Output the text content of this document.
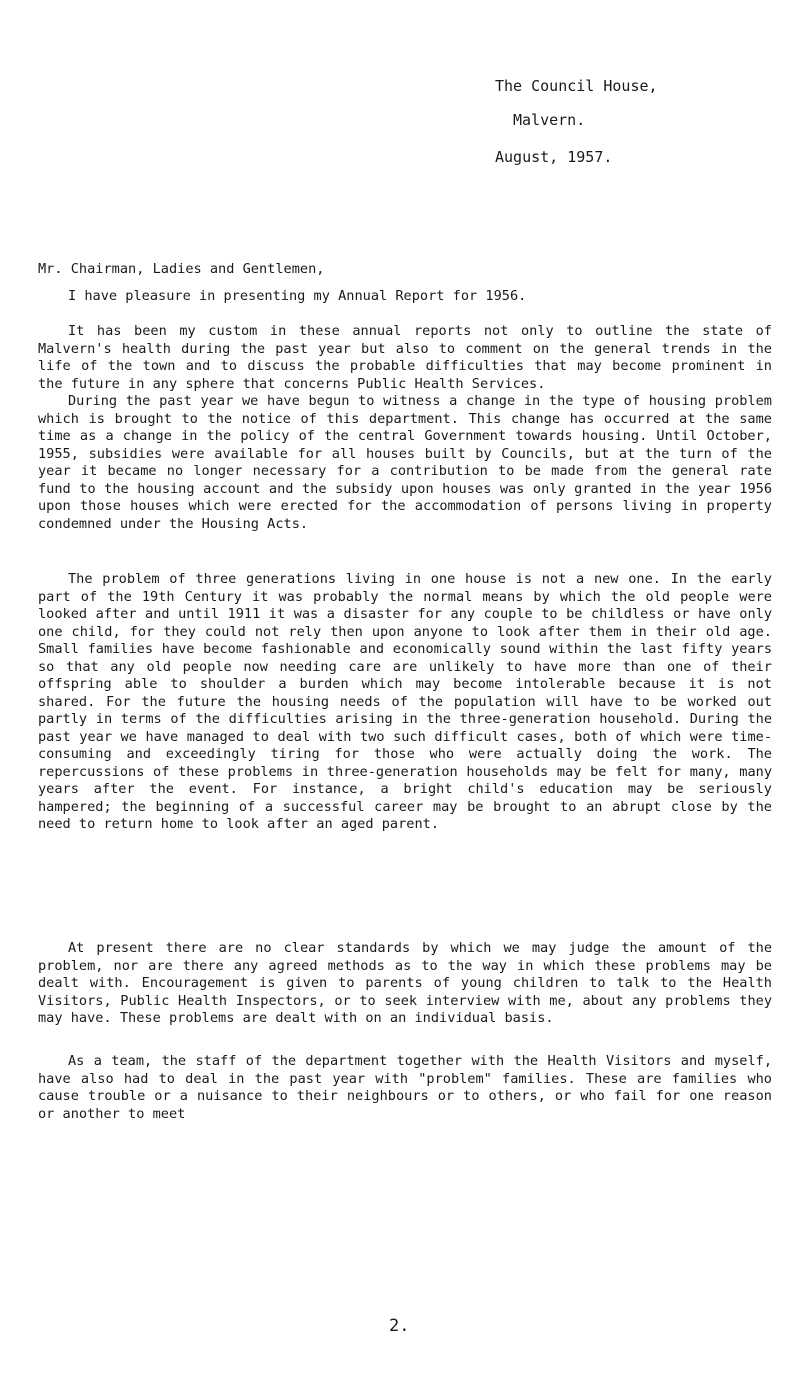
The Council House,
Malvern.
August, 1957.
Mr. Chairman, Ladies and Gentlemen,
I have pleasure in presenting my Annual Report for 1956.

It has been my custom in these annual reports not only to outline the state of Malvern's health during the past year but also to comment on the general trends in the life of the town and to discuss the probable difficulties that may become prominent in the future in any sphere that concerns Public Health Services.

During the past year we have begun to witness a change in the type of housing problem which is brought to the notice of this department. This change has occurred at the same time as a change in the policy of the central Government towards housing. Until October, 1955, subsidies were available for all houses built by Councils, but at the turn of the year it became no longer necessary for a contribution to be made from the general rate fund to the housing account and the subsidy upon houses was only granted in the year 1956 upon those houses which were erected for the accommodation of persons living in property condemned under the Housing Acts.

The problem of three generations living in one house is not a new one. In the early part of the 19th Century it was probably the normal means by which the old people were looked after and until 1911 it was a disaster for any couple to be childless or have only one child, for they could not rely then upon anyone to look after them in their old age. Small families have become fashionable and economically sound within the last fifty years so that any old people now needing care are unlikely to have more than one of their offspring able to shoulder a burden which may become intolerable because it is not shared. For the future the housing needs of the population will have to be worked out partly in terms of the difficulties arising in the three-generation household. During the past year we have managed to deal with two such difficult cases, both of which were time-consuming and exceedingly tiring for those who were actually doing the work. The repercussions of these problems in three-generation households may be felt for many, many years after the event. For instance, a bright child's education may be seriously hampered; the beginning of a successful career may be brought to an abrupt close by the need to return home to look after an aged parent.

At present there are no clear standards by which we may judge the amount of the problem, nor are there any agreed methods as to the way in which these problems may be dealt with. Encouragement is given to parents of young children to talk to the Health Visitors, Public Health Inspectors, or to seek interview with me, about any problems they may have. These problems are dealt with on an individual basis.

As a team, the staff of the department together with the Health Visitors and myself, have also had to deal in the past year with "problem" families. These are families who cause trouble or a nuisance to their neighbours or to others, or who fail for one reason or another to meet

2.
